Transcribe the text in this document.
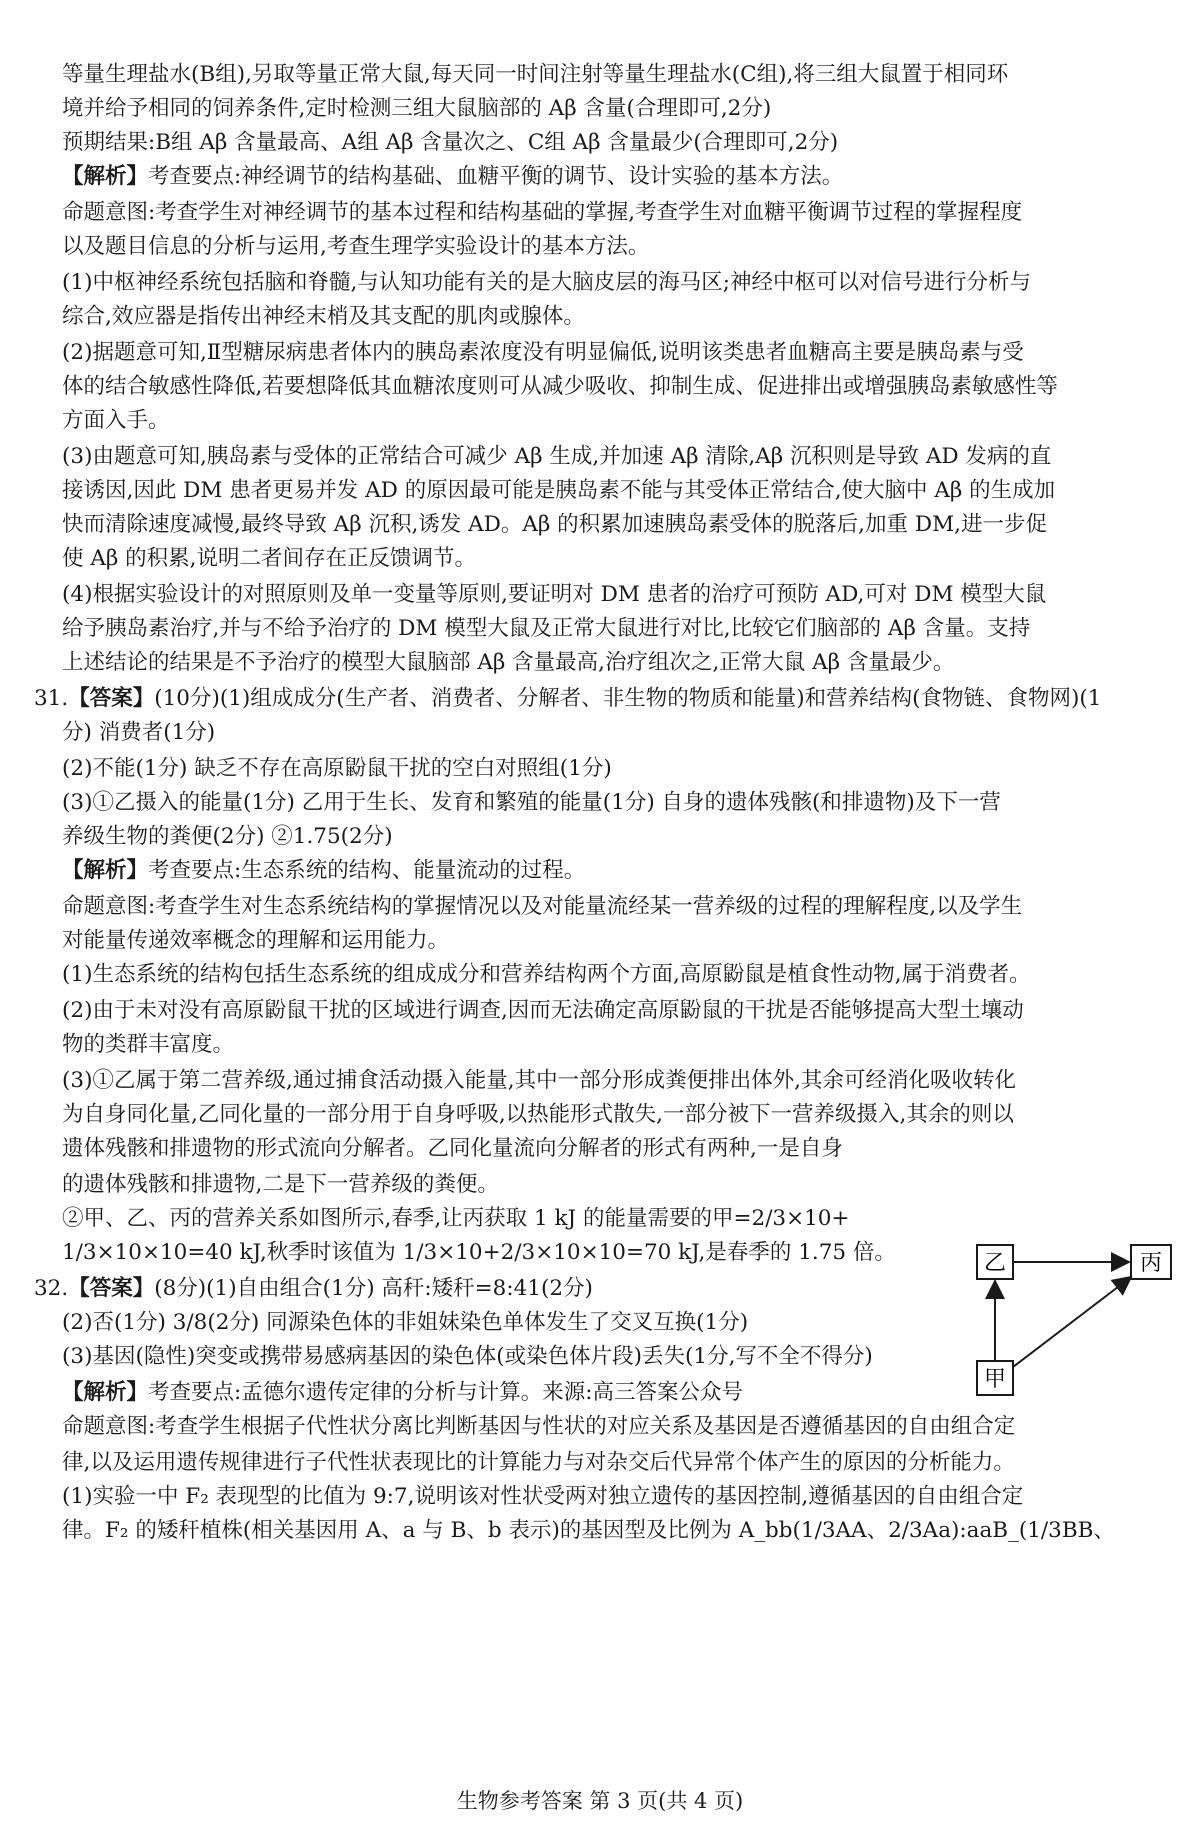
等量生理盐水(B组),另取等量正常大鼠,每天同一时间注射等量生理盐水(C组),将三组大鼠置于相同环
境并给予相同的饲养条件,定时检测三组大鼠脑部的 Aβ 含量(合理即可,2分)
预期结果:B组 Aβ 含量最高、A组 Aβ 含量次之、C组 Aβ 含量最少(合理即可,2分)
【解析】考查要点:神经调节的结构基础、血糖平衡的调节、设计实验的基本方法。
命题意图:考查学生对神经调节的基本过程和结构基础的掌握,考查学生对血糖平衡调节过程的掌握程度
以及题目信息的分析与运用,考查生理学实验设计的基本方法。
(1)中枢神经系统包括脑和脊髓,与认知功能有关的是大脑皮层的海马区;神经中枢可以对信号进行分析与
综合,效应器是指传出神经末梢及其支配的肌肉或腺体。
(2)据题意可知,Ⅱ型糖尿病患者体内的胰岛素浓度没有明显偏低,说明该类患者血糖高主要是胰岛素与受
体的结合敏感性降低,若要想降低其血糖浓度则可从减少吸收、抑制生成、促进排出或增强胰岛素敏感性等
方面入手。
(3)由题意可知,胰岛素与受体的正常结合可减少 Aβ 生成,并加速 Aβ 清除,Aβ 沉积则是导致 AD 发病的直
接诱因,因此 DM 患者更易并发 AD 的原因最可能是胰岛素不能与其受体正常结合,使大脑中 Aβ 的生成加
快而清除速度减慢,最终导致 Aβ 沉积,诱发 AD。Aβ 的积累加速胰岛素受体的脱落后,加重 DM,进一步促
使 Aβ 的积累,说明二者间存在正反馈调节。
(4)根据实验设计的对照原则及单一变量等原则,要证明对 DM 患者的治疗可预防 AD,可对 DM 模型大鼠
给予胰岛素治疗,并与不给予治疗的 DM 模型大鼠及正常大鼠进行对比,比较它们脑部的 Aβ 含量。支持
上述结论的结果是不予治疗的模型大鼠脑部 Aβ 含量最高,治疗组次之,正常大鼠 Aβ 含量最少。
31.【答案】(10分)(1)组成成分(生产者、消费者、分解者、非生物的物质和能量)和营养结构(食物链、食物网)(1
分) 消费者(1分)
(2)不能(1分) 缺乏不存在高原鼢鼠干扰的空白对照组(1分)
(3)①乙摄入的能量(1分) 乙用于生长、发育和繁殖的能量(1分) 自身的遗体残骸(和排遗物)及下一营
养级生物的粪便(2分) ②1.75(2分)
【解析】考查要点:生态系统的结构、能量流动的过程。
命题意图:考查学生对生态系统结构的掌握情况以及对能量流经某一营养级的过程的理解程度,以及学生
对能量传递效率概念的理解和运用能力。
(1)生态系统的结构包括生态系统的组成成分和营养结构两个方面,高原鼢鼠是植食性动物,属于消费者。
(2)由于未对没有高原鼢鼠干扰的区域进行调查,因而无法确定高原鼢鼠的干扰是否能够提高大型土壤动
物的类群丰富度。
(3)①乙属于第二营养级,通过捕食活动摄入能量,其中一部分形成粪便排出体外,其余可经消化吸收转化
为自身同化量,乙同化量的一部分用于自身呼吸,以热能形式散失,一部分被下一营养级摄入,其余的则以
遗体残骸和排遗物的形式流向分解者。乙同化量流向分解者的形式有两种,一是自身
的遗体残骸和排遗物,二是下一营养级的粪便。
②甲、乙、丙的营养关系如图所示,春季,让丙获取 1 kJ 的能量需要的甲=2/3×10+
1/3×10×10=40 kJ,秋季时该值为 1/3×10+2/3×10×10=70 kJ,是春季的 1.75 倍。
32.【答案】(8分)(1)自由组合(1分) 高秆:矮秆=8:41(2分)
(2)否(1分) 3/8(2分) 同源染色体的非姐妹染色单体发生了交叉互换(1分)
(3)基因(隐性)突变或携带易感病基因的染色体(或染色体片段)丢失(1分,写不全不得分)
【解析】考查要点:孟德尔遗传定律的分析与计算。来源:高三答案公众号
命题意图:考查学生根据子代性状分离比判断基因与性状的对应关系及基因是否遵循基因的自由组合定
律,以及运用遗传规律进行子代性状表现比的计算能力与对杂交后代异常个体产生的原因的分析能力。
(1)实验一中 F₂ 表现型的比值为 9:7,说明该对性状受两对独立遗传的基因控制,遵循基因的自由组合定
律。F₂ 的矮秆植株(相关基因用 A、a 与 B、b 表示)的基因型及比例为 A_bb(1/3AA、2/3Aa):aaB_(1/3BB、
乙	丙
甲
生物参考答案 第 3 页(共 4 页)
